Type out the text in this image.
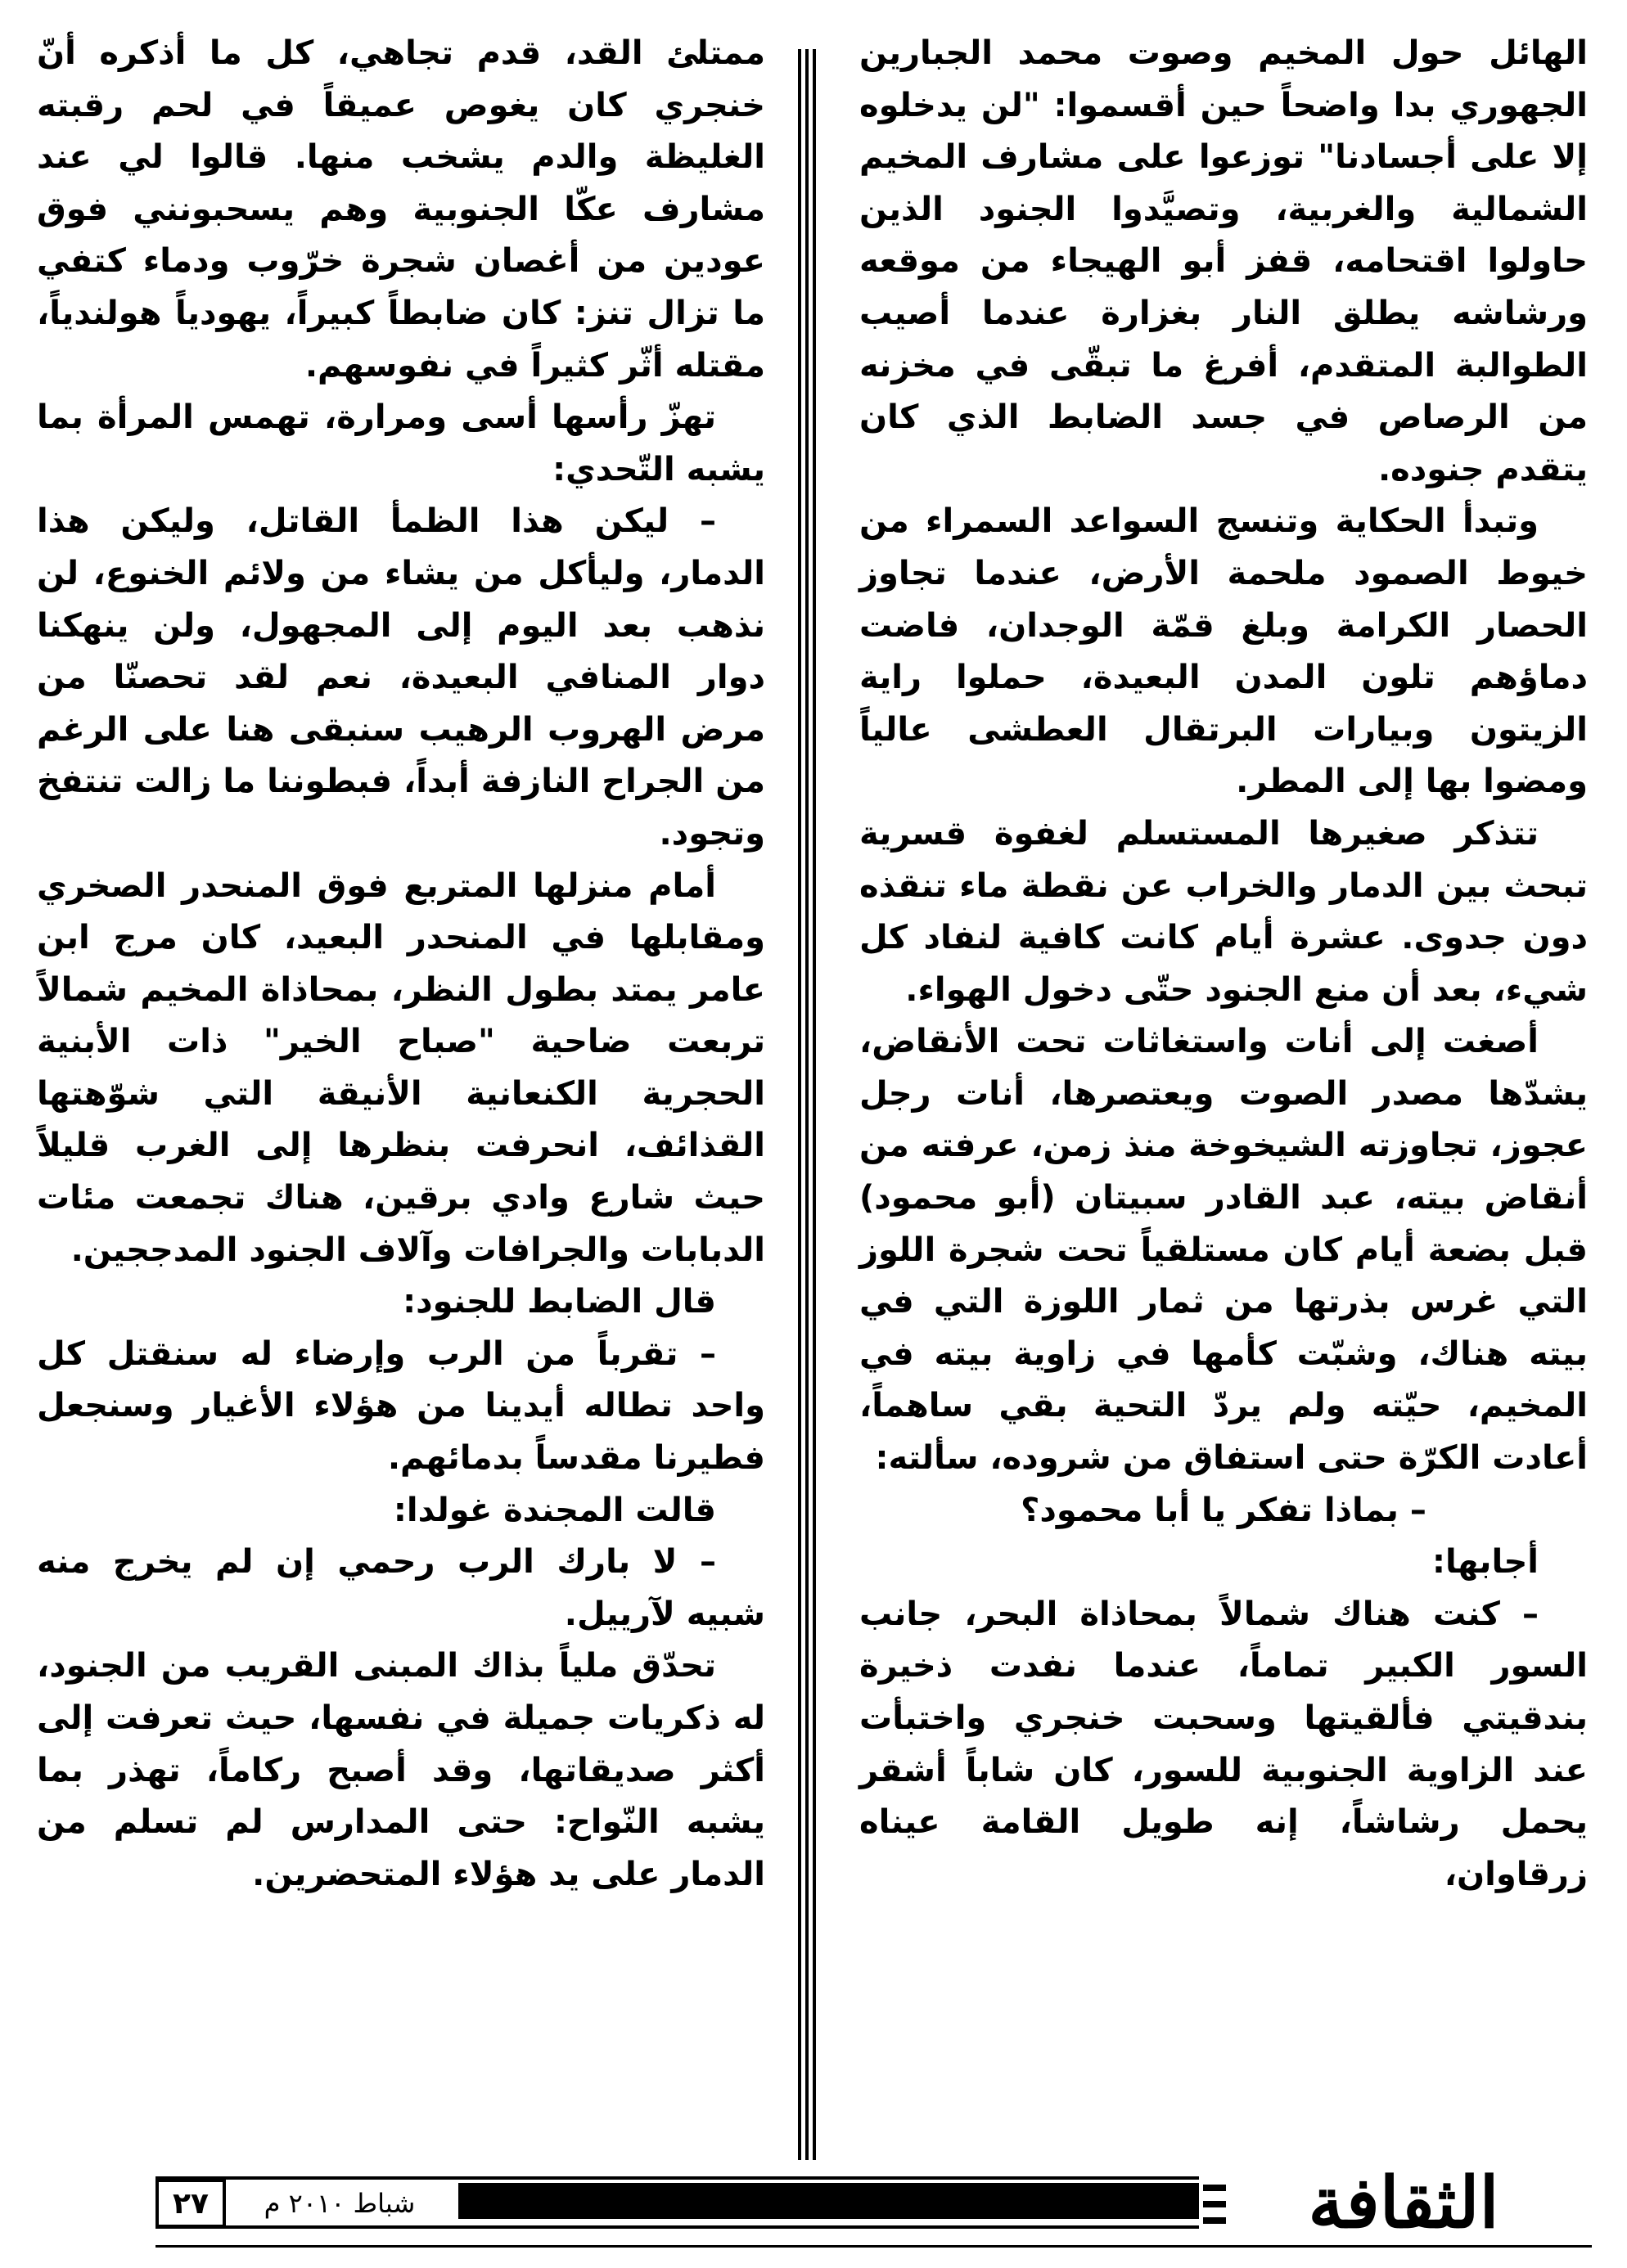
الهائل حول المخيم وصوت محمد الجبارين الجهوري بدا واضحاً حين أقسموا: "لن يدخلوه إلا على أجسادنا" توزعوا على مشارف المخيم الشمالية والغربية، وتصيَّدوا الجنود الذين حاولوا اقتحامه، قفز أبو الهيجاء من موقعه ورشاشه يطلق النار بغزارة عندما أصيب الطوالبة المتقدم، أفرغ ما تبقّى في مخزنه من الرصاص في جسد الضابط الذي كان يتقدم جنوده.

وتبدأ الحكاية وتنسج السواعد السمراء من خيوط الصمود ملحمة الأرض، عندما تجاوز الحصار الكرامة وبلغ قمّة الوجدان، فاضت دماؤهم تلون المدن البعيدة، حملوا راية الزيتون وبيارات البرتقال العطشى عالياً ومضوا بها إلى المطر.

تتذكر صغيرها المستسلم لغفوة قسرية تبحث بين الدمار والخراب عن نقطة ماء تنقذه دون جدوى. عشرة أيام كانت كافية لنفاد كل شيء، بعد أن منع الجنود حتّى دخول الهواء.

أصغت إلى أنات واستغاثات تحت الأنقاض، يشدّها مصدر الصوت ويعتصرها، أنات رجل عجوز، تجاوزته الشيخوخة منذ زمن، عرفته من أنقاض بيته، عبد القادر سبيتان (أبو محمود) قبل بضعة أيام كان مستلقياً تحت شجرة اللوز التي غرس بذرتها من ثمار اللوزة التي في بيته هناك، وشبّت كأمها في زاوية بيته في المخيم، حيّته ولم يردّ التحية بقي ساهماً، أعادت الكرّة حتى استفاق من شروده، سألته:

– بماذا تفكر يا أبا محمود؟

أجابها:

– كنت هناك شمالاً بمحاذاة البحر، جانب السور الكبير تماماً، عندما نفدت ذخيرة بندقيتي فألقيتها وسحبت خنجري واختبأت عند الزاوية الجنوبية للسور، كان شاباً أشقر يحمل رشاشاً، إنه طويل القامة عيناه زرقاوان،

ممتلئ القد، قدم تجاهي، كل ما أذكره أنّ خنجري كان يغوص عميقاً في لحم رقبته الغليظة والدم يشخب منها. قالوا لي عند مشارف عكّا الجنوبية وهم يسحبونني فوق عودين من أغصان شجرة خرّوب ودماء كتفي ما تزال تنز: كان ضابطاً كبيراً، يهودياً هولندياً، مقتله أثّر كثيراً في نفوسهم.

تهزّ رأسها أسى ومرارة، تهمس المرأة بما يشبه التّحدي:

– ليكن هذا الظمأ القاتل، وليكن هذا الدمار، وليأكل من يشاء من ولائم الخنوع، لن نذهب بعد اليوم إلى المجهول، ولن ينهكنا دوار المنافي البعيدة، نعم لقد تحصنّا من مرض الهروب الرهيب سنبقى هنا على الرغم من الجراح النازفة أبداً، فبطوننا ما زالت تنتفخ وتجود.

أمام منزلها المتربع فوق المنحدر الصخري ومقابلها في المنحدر البعيد، كان مرج ابن عامر يمتد بطول النظر، بمحاذاة المخيم شمالاً تربعت ضاحية "صباح الخير" ذات الأبنية الحجرية الكنعانية الأنيقة التي شوّهتها القذائف، انحرفت بنظرها إلى الغرب قليلاً حيث شارع وادي برقين، هناك تجمعت مئات الدبابات والجرافات وآلاف الجنود المدججين.

قال الضابط للجنود:

– تقرباً من الرب وإرضاء له سنقتل كل واحد تطاله أيدينا من هؤلاء الأغيار وسنجعل فطيرنا مقدساً بدمائهم.

قالت المجندة غولدا:

– لا بارك الرب رحمي إن لم يخرج منه شبيه لآرييل.

تحدّق ملياً بذاك المبنى القريب من الجنود، له ذكريات جميلة في نفسها، حيث تعرفت إلى أكثر صديقاتها، وقد أصبح ركاماً، تهذر بما يشبه النّواح: حتى المدارس لم تسلم من الدمار على يد هؤلاء المتحضرين.

٢٧	شباط ٢٠١٠ م	الثقافة
